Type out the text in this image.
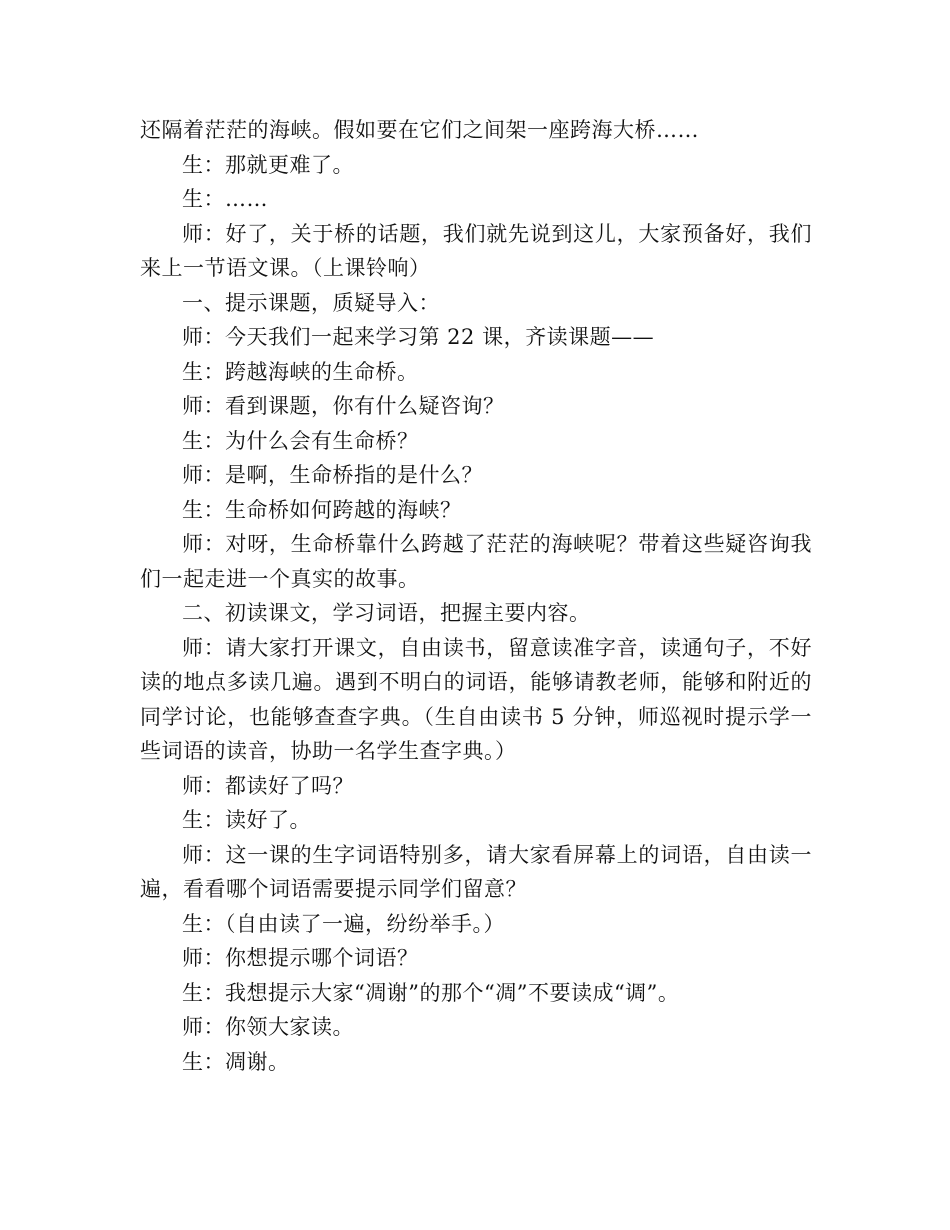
还隔着茫茫的海峡。假如要在它们之间架一座跨海大桥……

生：那就更难了。

生：……

师：好了，关于桥的话题，我们就先说到这儿，大家预备好，我们来上一节语文课。（上课铃响）

一、提示课题，质疑导入：

师：今天我们一起来学习第 22 课，齐读课题——

生：跨越海峡的生命桥。

师：看到课题，你有什么疑咨询？

生：为什么会有生命桥？

师：是啊，生命桥指的是什么？

生：生命桥如何跨越的海峡？

师：对呀，生命桥靠什么跨越了茫茫的海峡呢？带着这些疑咨询我们一起走进一个真实的故事。

二、初读课文，学习词语，把握主要内容。

师：请大家打开课文，自由读书，留意读准字音，读通句子，不好读的地点多读几遍。遇到不明白的词语，能够请教老师，能够和附近的同学讨论，也能够查查字典。（生自由读书 5 分钟，师巡视时提示学一些词语的读音，协助一名学生查字典。）

师：都读好了吗？

生：读好了。

师：这一课的生字词语特别多，请大家看屏幕上的词语，自由读一遍，看看哪个词语需要提示同学们留意？

生：（自由读了一遍，纷纷举手。）

师：你想提示哪个词语？

生：我想提示大家“凋谢”的那个“凋”不要读成“调”。

师：你领大家读。

生：凋谢。
